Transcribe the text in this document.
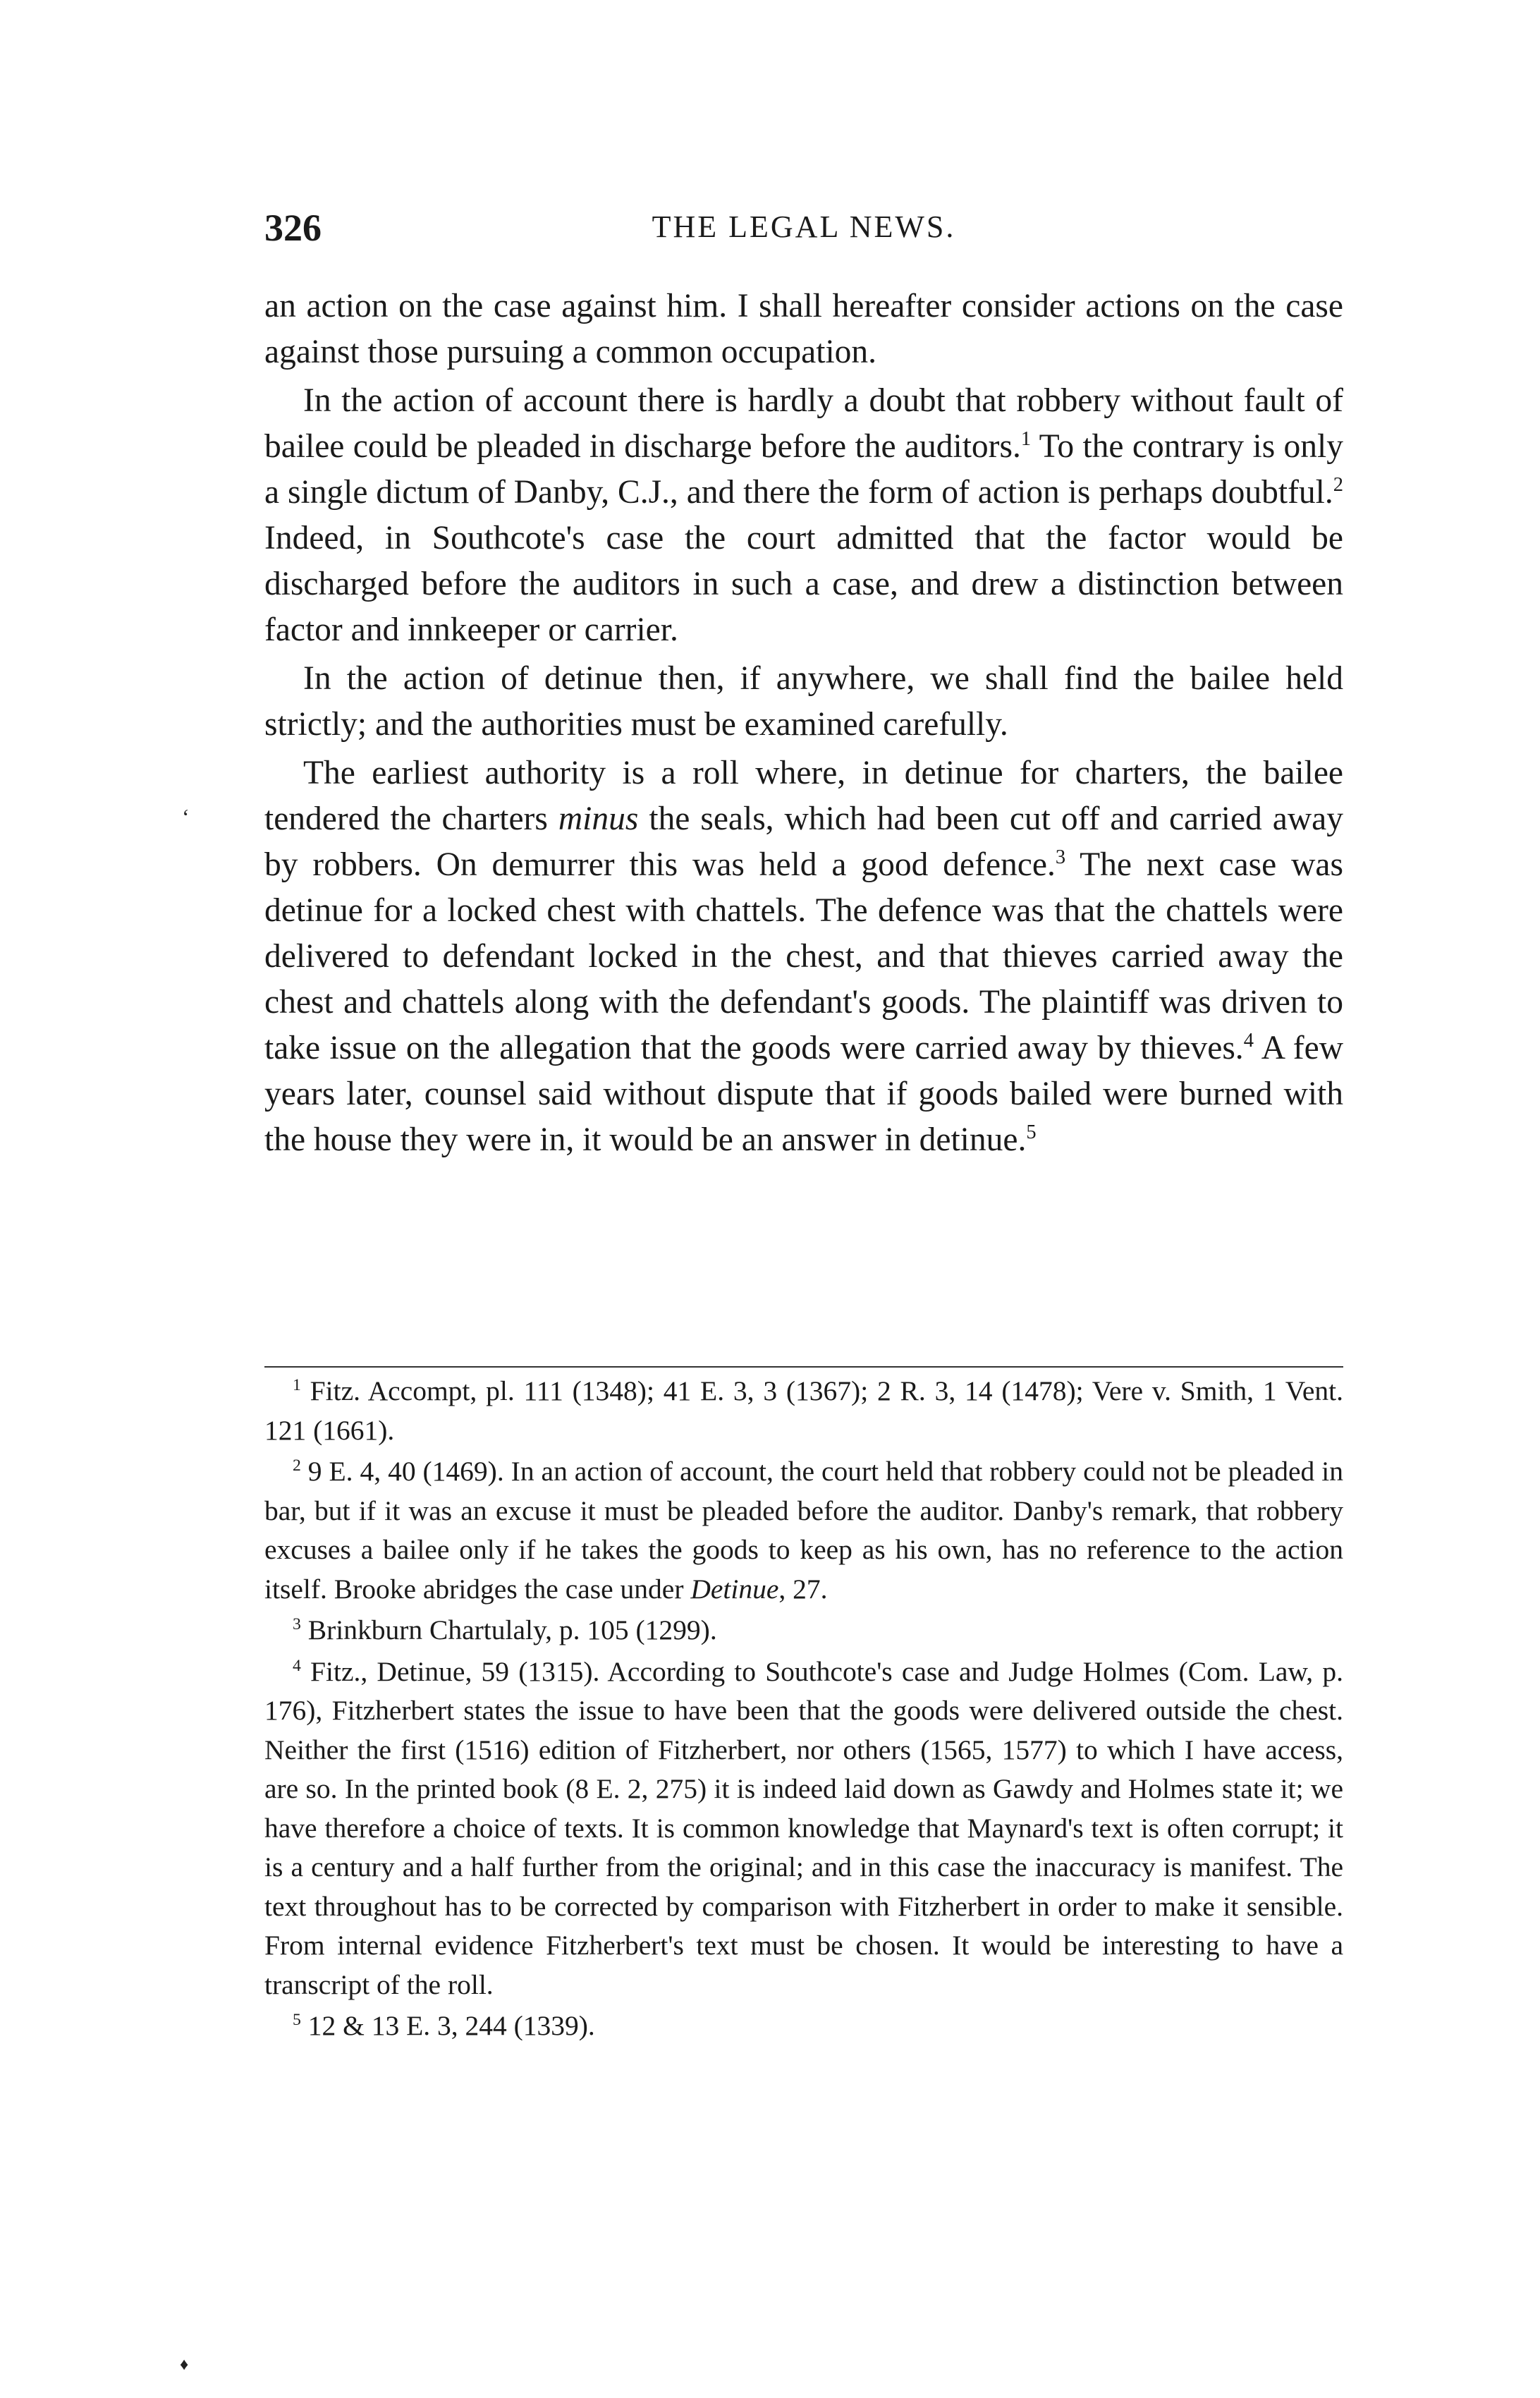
326	THE LEGAL NEWS.

an action on the case against him. I shall hereafter consider actions on the case against those pursuing a common occupation.

In the action of account there is hardly a doubt that robbery without fault of bailee could be pleaded in discharge before the auditors.$^1$ To the contrary is only a single dictum of Danby, C.J., and there the form of action is perhaps doubtful.$^2$ Indeed, in Southcote's case the court admitted that the factor would be discharged before the auditors in such a case, and drew a distinction between factor and innkeeper or carrier.

In the action of detinue then, if anywhere, we shall find the bailee held strictly; and the authorities must be examined carefully.

The earliest authority is a roll where, in detinue for charters, the bailee tendered the charters minus the seals, which had been cut off and carried away by robbers. On demurrer this was held a good defence.$^3$ The next case was detinue for a locked chest with chattels. The defence was that the chattels were delivered to defendant locked in the chest, and that thieves carried away the chest and chattels along with the defendant's goods. The plaintiff was driven to take issue on the allegation that the goods were carried away by thieves.$^4$ A few years later, counsel said without dispute that if goods bailed were burned with the house they were in, it would be an answer in detinue.$^5$

$^1$ Fitz. Accompt, pl. 111 (1348); 41 E. 3, 3 (1367); 2 R. 3, 14 (1478); Vere v. Smith, 1 Vent. 121 (1661).

$^2$ 9 E. 4, 40 (1469). In an action of account, the court held that robbery could not be pleaded in bar, but if it was an excuse it must be pleaded before the auditor. Danby's remark, that robbery excuses a bailee only if he takes the goods to keep as his own, has no reference to the action itself. Brooke abridges the case under Detinue, 27.

$^3$ Brinkburn Chartulaly, p. 105 (1299).

$^4$ Fitz., Detinue, 59 (1315). According to Southcote's case and Judge Holmes (Com. Law, p. 176), Fitzherbert states the issue to have been that the goods were delivered outside the chest. Neither the first (1516) edition of Fitzherbert, nor others (1565, 1577) to which I have access, are so. In the printed book (8 E. 2, 275) it is indeed laid down as Gawdy and Holmes state it; we have therefore a choice of texts. It is common knowledge that Maynard's text is often corrupt; it is a century and a half further from the original; and in this case the inaccuracy is manifest. The text throughout has to be corrected by comparison with Fitzherbert in order to make it sensible. From internal evidence Fitzherbert's text must be chosen. It would be interesting to have a transcript of the roll.

$^5$ 12 & 13 E. 3, 244 (1339).

‘
♦
